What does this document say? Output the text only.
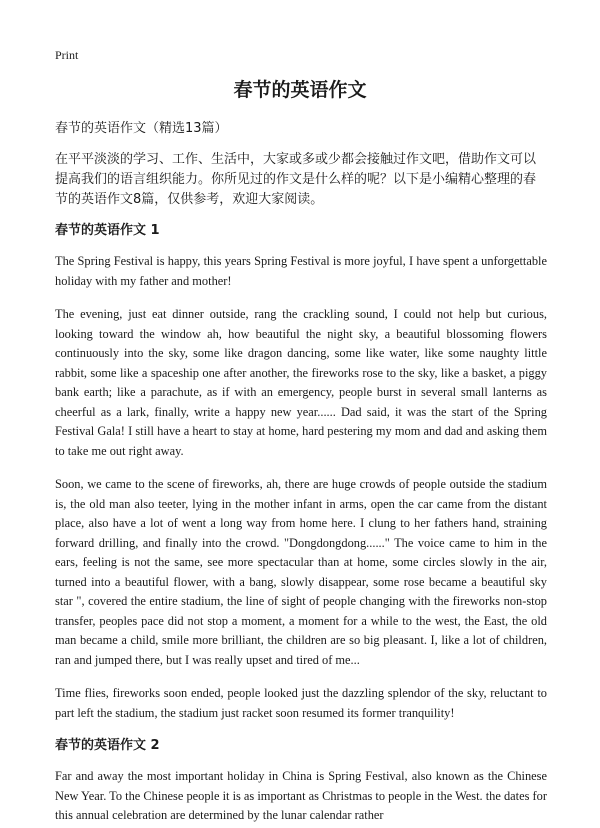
Print
春节的英语作文

春节的英语作文（精选13篇）

在平平淡淡的学习、工作、生活中，大家或多或少都会接触过作文吧，借助作文可以提高我们的语言组织能力。你所见过的作文是什么样的呢？以下是小编精心整理的春节的英语作文8篇，仅供参考，欢迎大家阅读。

春节的英语作文 1

The Spring Festival is happy, this years Spring Festival is more joyful, I have spent a unforgettable holiday with my father and mother!

The evening, just eat dinner outside, rang the crackling sound, I could not help but curious, looking toward the window ah, how beautiful the night sky, a beautiful blossoming flowers continuously into the sky, some like dragon dancing, some like water, like some naughty little rabbit, some like a spaceship one after another, the fireworks rose to the sky, like a basket, a piggy bank earth; like a parachute, as if with an emergency, people burst in several small lanterns as cheerful as a lark, finally, write a happy new year...... Dad said, it was the start of the Spring Festival Gala! I still have a heart to stay at home, hard pestering my mom and dad and asking them to take me out right away.

Soon, we came to the scene of fireworks, ah, there are huge crowds of people outside the stadium is, the old man also teeter, lying in the mother infant in arms, open the car came from the distant place, also have a lot of went a long way from home here. I clung to her fathers hand, straining forward drilling, and finally into the crowd. "Dongdongdong......" The voice came to him in the ears, feeling is not the same, see more spectacular than at home, some circles slowly in the air, turned into a beautiful flower, with a bang, slowly disappear, some rose became a beautiful sky star ", covered the entire stadium, the line of sight of people changing with the fireworks non-stop transfer, peoples pace did not stop a moment, a moment for a while to the west, the East, the old man became a child, smile more brilliant, the children are so big pleasant. I, like a lot of children, ran and jumped there, but I was really upset and tired of me...

Time flies, fireworks soon ended, people looked just the dazzling splendor of the sky, reluctant to part left the stadium, the stadium just racket soon resumed its former tranquility!

春节的英语作文 2

Far and away the most important holiday in China is Spring Festival, also known as the Chinese New Year. To the Chinese people it is as important as Christmas to people in the West. the dates for this annual celebration are determined by the lunar calendar rather
